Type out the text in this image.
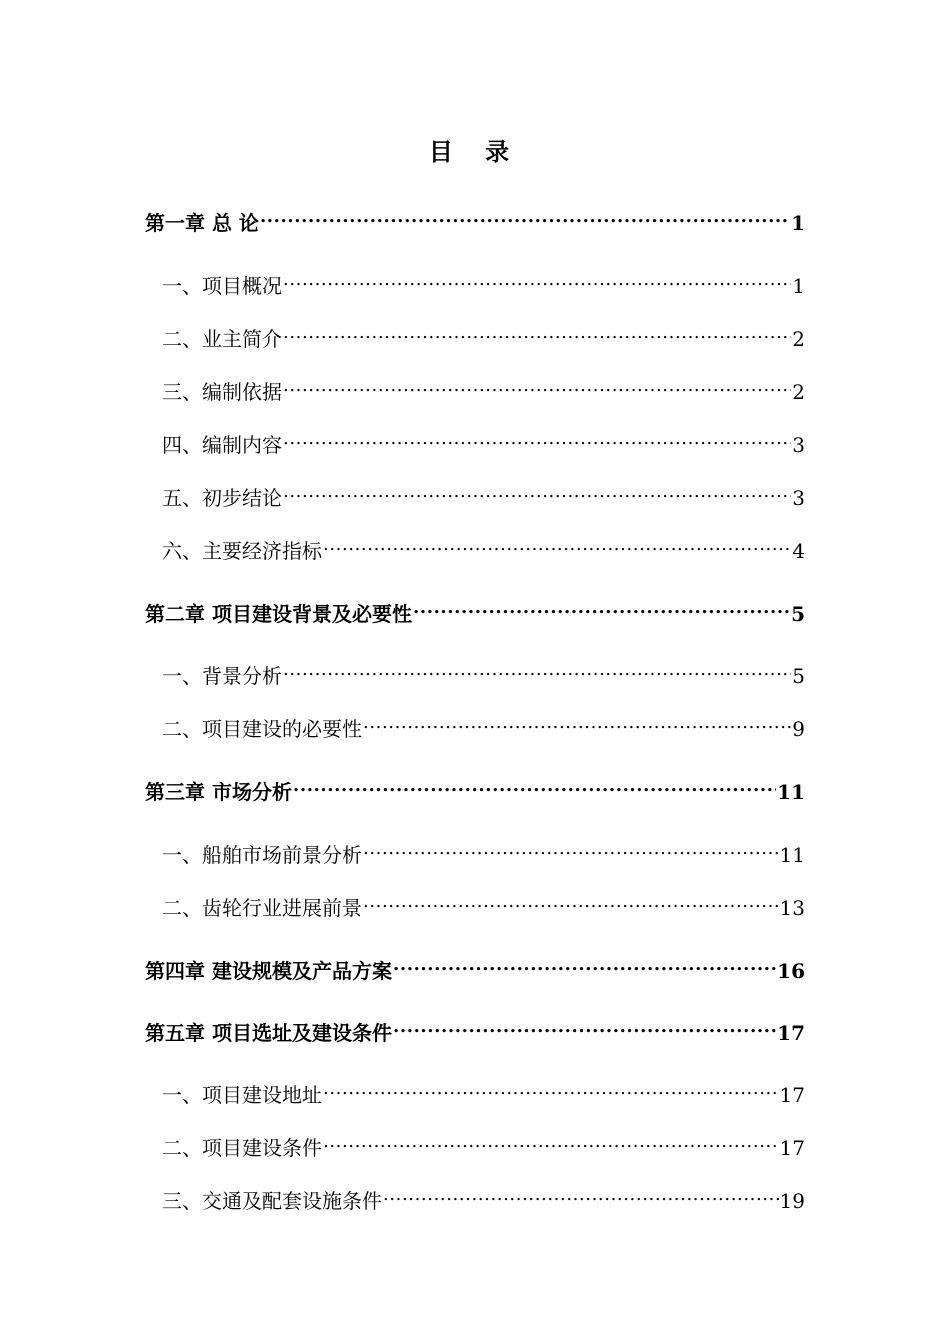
目 录
第一章 总 论 .....	1
一、项目概况 .....	1
二、业主简介 .....	2
三、编制依据 .....	2
四、编制内容 .....	3
五、初步结论 .....	3
六、主要经济指标 .....	4
第二章 项目建设背景及必要性 .....	5
一、背景分析 .....	5
二、项目建设的必要性 .....	9
第三章 市场分析 .....	11
一、船舶市场前景分析 .....	11
二、齿轮行业进展前景 .....	13
第四章 建设规模及产品方案 .....	16
第五章 项目选址及建设条件 .....	17
一、项目建设地址 .....	17
二、项目建设条件 .....	17
三、交通及配套设施条件 .....	19
